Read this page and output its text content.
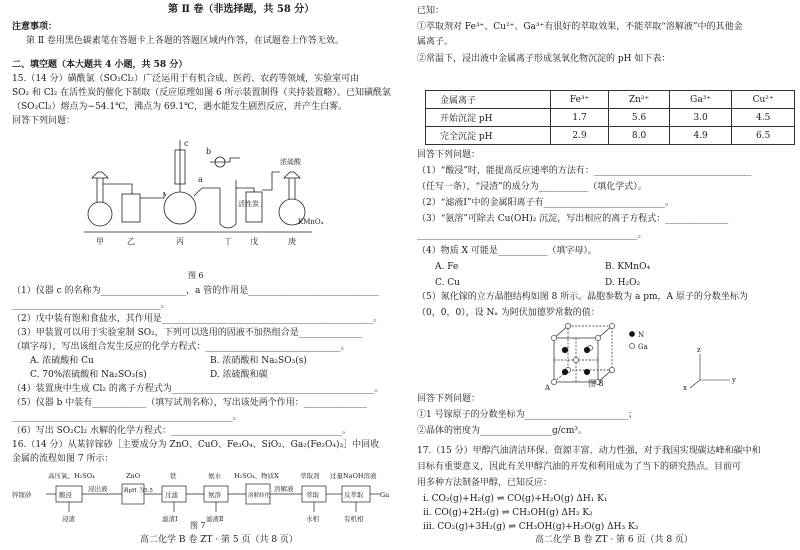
第 Ⅱ 卷（非选择题，共 58 分）
注意事项：
第 Ⅱ 卷用黑色碳素笔在答题卡上各题的答题区域内作答，在试题卷上作答无效。
二、填空题（本大题共 4 小题，共 58 分）
15.（14 分）磺酰氯（SO₂Cl₂）广泛运用于有机合成、医药、农药等领域，实验室可由
SO₂ 和 Cl₂ 在活性炭的催化下制取（反应原理如图 6 所示装置制得（夹持装置略）。已知磺酰氯
（SO₂Cl₂）熔点为−54.1℃，沸点为 69.1℃，遇水能发生剧烈反应，并产生白雾。
回答下列问题：
c
a
b
活性炭
浓硫酸
KMnO₄
甲	乙	丙	丁 戊	庚
图 6
（1）仪器 c 的名称为___________________，a 管的作用是_____________________________
_________________________________。
（2）戊中装有饱和食盐水，其作用是_______________________________________________。
（3）甲装置可以用于实验室制 SO₂，下列可以选用的固液不加热组合是______________
（填字母），写出该组合发生反应的化学方程式：______________________________。
A. 浓硫酸和 Cu	B. 浓硝酸和 Na₂SO₃(s)
C. 70%浓硫酸和 Na₂SO₃(s)	D. 浓硫酸和碳
（4）装置庚中生成 Cl₂ 的离子方程式为_____________________________________________。
（5）仪器 b 中装有____________（填写试剂名称），写出该处两个作用：______________
_________________________________________________。
（6）写出 SO₂Cl₂ 水解的化学方程式：______________________________________。
16.（14 分）从某锌镓砂［主要成分为 ZnO、CuO、Fe₃O₄、SiO₂、Ga₂(Fe₂O₄)₃］中回收
金属的流程如图 7 所示：
锌镓砂	Ga
高压氧、H₂SO₄	ZnO	铁	氨水 H₂SO₄、物质X	萃取剂 过量NaOH溶液
酸浸
浸出液	调pH 为5.5 过滤	氨溶	溶解转化
溶解液
萃取	反萃取
浸渣	滤渣Ⅰ	滤液Ⅱ	水相	有机相
图 7
高二化学 B 卷 ZT · 第 5 页（共 8 页）
已知：
①萃取剂对 Fe³⁺、Cu²⁺、Ga³⁺有很好的萃取效果，不能萃取“溶解液”中的其他金
属离子。
②常温下，浸出液中金属离子形成氢氧化物沉淀的 pH 如下表：
金属离子	Fe³⁺	Zn²⁺	Ga³⁺	Cu²⁺
开始沉淀 pH	1.7	5.6	3.0	4.5
完全沉淀 pH	2.9	8.0	4.9	6.5
回答下列问题：
（1）“酸浸”时，能提高反应速率的方法有：___________________________________
（任写一条），“浸渣”的成分为___________（填化学式）。
（2）“滤液Ⅰ”中的金属阳离子有___________________________。
（3）“氨溶”可除去 Cu(OH)₂ 沉淀，写出相应的离子方程式：______________
_________________________________________________。
（4）物质 X 可能是___________（填字母）。
A. Fe	B. KMnO₄
C. Cu	D. H₂O₂
（5）氮化镓的立方晶胞结构如图 8 所示。晶胞参数为 a pm，A 原子的分数坐标为
（0，0，0），设 Nₐ 为阿伏加德罗常数的值：
A
N
Ga
y
z
x
图 8
回答下列问题：
①1 号镓原子的分数坐标为_______________________；
②晶体的密度为________________g/cm³。
17.（15 分）甲醇汽油清洁环保、资源丰富、动力性强，对于我国实现碳达峰和碳中和
目标有重要意义，因此有关甲醇汽油的开发和利用成为了当下的研究热点。目前可
用多种方法制备甲醇，已知反应：
ⅰ. CO₂(g)+H₂(g) ⇌ CO(g)+H₂O(g) ΔH₁ K₁
ⅱ. CO(g)+2H₂(g) ⇌ CH₃OH(g) ΔH₂ K₂
ⅲ. CO₂(g)+3H₂(g) ⇌ CH₃OH(g)+H₂O(g) ΔH₃ K₃
高二化学 B 卷 ZT · 第 6 页（共 8 页）
